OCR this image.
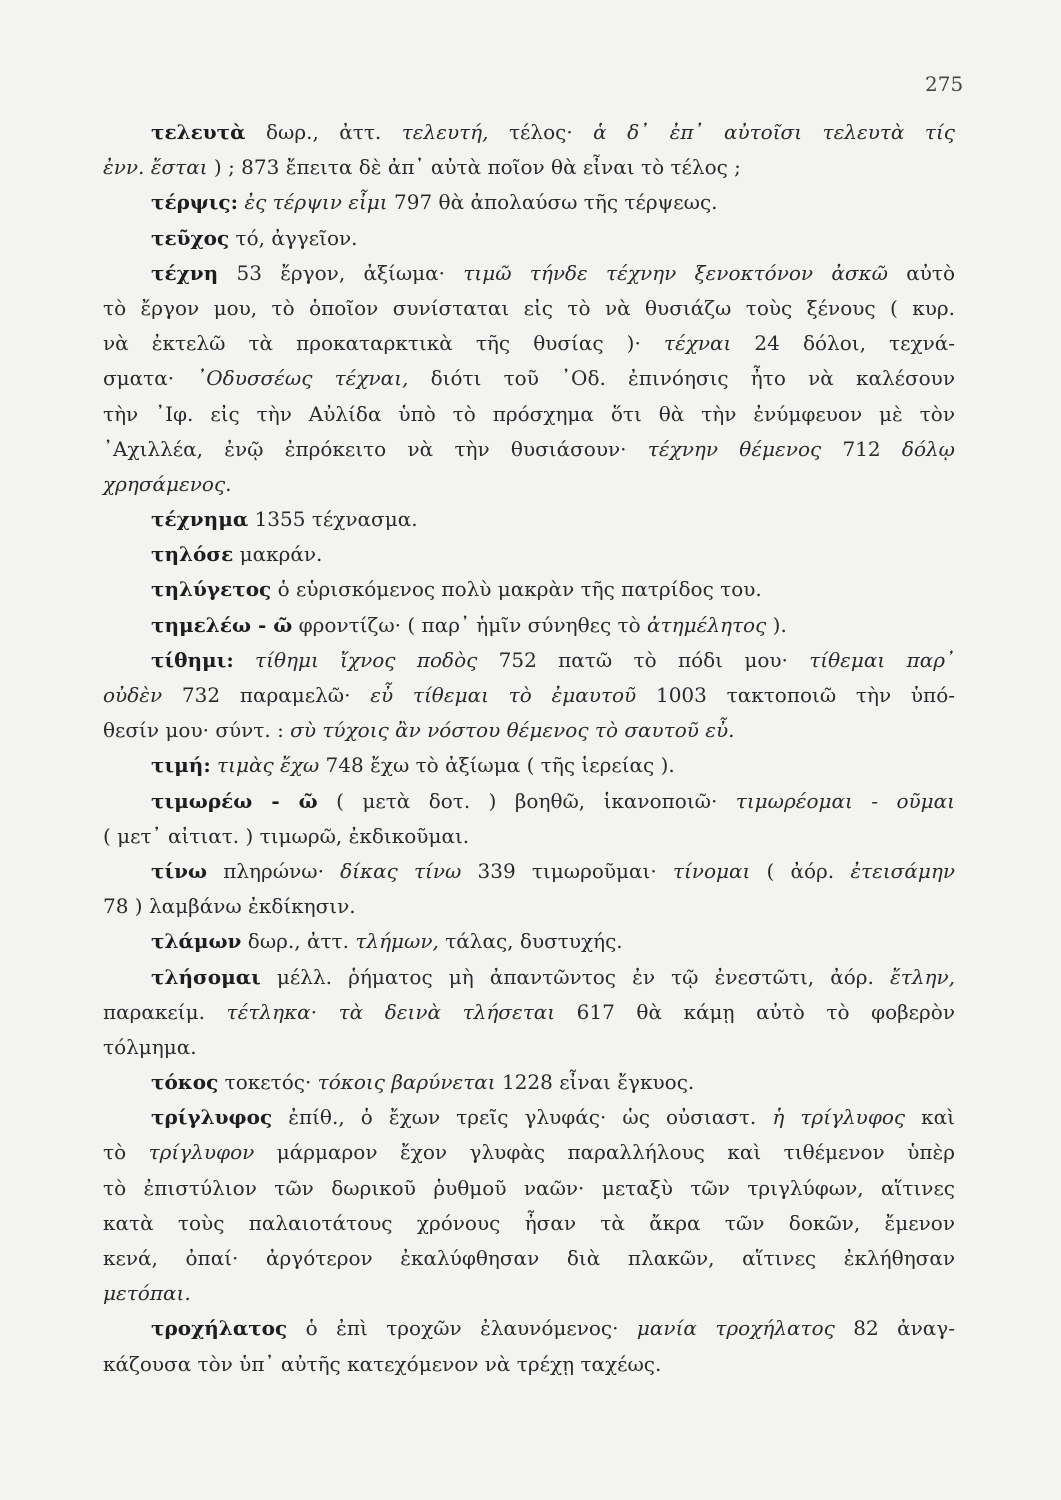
275
τελευτὰ δωρ., ἀττ. τελευτή, τέλος· ἁ δ᾽ ἐπ᾽ αὐτοῖσι τελευτὰ τίς
ἐνν. ἔσται ) ; 873 ἔπειτα δὲ ἀπ᾽ αὐτὰ ποῖον θὰ εἶναι τὸ τέλος ;
τέρψις: ἐς τέρψιν εἶμι 797 θὰ ἀπολαύσω τῆς τέρψεως.
τεῦχος τό, ἀγγεῖον.
τέχνη 53 ἔργον, ἀξίωμα· τιμῶ τήνδε τέχνην ξενοκτόνον ἀσκῶ αὐτὸ
τὸ ἔργον μου, τὸ ὁποῖον συνίσταται εἰς τὸ νὰ θυσιάζω τοὺς ξένους ( κυρ.
νὰ ἐκτελῶ τὰ προκαταρκτικὰ τῆς θυσίας )· τέχναι 24 δόλοι, τεχνά-
σματα· ᾿Οδυσσέως τέχναι, διότι τοῦ ᾿Οδ. ἐπινόησις ἦτο νὰ καλέσουν
τὴν ᾿Ιφ. εἰς τὴν Αὐλίδα ὑπὸ τὸ πρόσχημα ὅτι θὰ τὴν ἐνύμφευον μὲ τὸν
᾿Αχιλλέα, ἐνῷ ἐπρόκειτο νὰ τὴν θυσιάσουν· τέχνην θέμενος 712 δόλῳ
χρησάμενος.
τέχνημα 1355 τέχνασμα.
τηλόσε μακράν.
τηλύγετος ὁ εὑρισκόμενος πολὺ μακρὰν τῆς πατρίδος του.
τημελέω - ῶ φροντίζω· ( παρ᾽ ἡμῖν σύνηθες τὸ ἀτημέλητος ).
τίθημι: τίθημι ἴχνος ποδὸς 752 πατῶ τὸ πόδι μου· τίθεμαι παρ᾽
οὐδὲν 732 παραμελῶ· εὖ τίθεμαι τὸ ἐμαυτοῦ 1003 τακτοποιῶ τὴν ὑπό-
θεσίν μου· σύντ. : σὺ τύχοις ἂν νόστου θέμενος τὸ σαυτοῦ εὖ.
τιμή: τιμὰς ἔχω 748 ἔχω τὸ ἀξίωμα ( τῆς ἱερείας ).
τιμωρέω - ῶ ( μετὰ δοτ. ) βοηθῶ, ἱκανοποιῶ· τιμωρέομαι - οῦμαι
( μετ᾽ αἰτιατ. ) τιμωρῶ, ἐκδικοῦμαι.
τίνω πληρώνω· δίκας τίνω 339 τιμωροῦμαι· τίνομαι ( ἀόρ. ἐτεισάμην
78 ) λαμβάνω ἐκδίκησιν.
τλάμων δωρ., ἀττ. τλήμων, τάλας, δυστυχής.
τλήσομαι μέλλ. ῥήματος μὴ ἀπαντῶντος ἐν τῷ ἐνεστῶτι, ἀόρ. ἔτλην,
παρακείμ. τέτληκα· τὰ δεινὰ τλήσεται 617 θὰ κάμῃ αὐτὸ τὸ φοβερὸν
τόλμημα.
τόκος τοκετός· τόκοις βαρύνεται 1228 εἶναι ἔγκυος.
τρίγλυφος ἐπίθ., ὁ ἔχων τρεῖς γλυφάς· ὡς οὐσιαστ. ἡ τρίγλυφος καὶ
τὸ τρίγλυφον μάρμαρον ἔχον γλυφὰς παραλλήλους καὶ τιθέμενον ὑπὲρ
τὸ ἐπιστύλιον τῶν δωρικοῦ ῥυθμοῦ ναῶν· μεταξὺ τῶν τριγλύφων, αἵτινες
κατὰ τοὺς παλαιοτάτους χρόνους ἦσαν τὰ ἄκρα τῶν δοκῶν, ἔμενον
κενά, ὀπαί· ἀργότερον ἐκαλύφθησαν διὰ πλακῶν, αἵτινες ἐκλήθησαν
μετόπαι.
τροχήλατος ὁ ἐπὶ τροχῶν ἐλαυνόμενος· μανία τροχήλατος 82 ἀναγ-
κάζουσα τὸν ὑπ᾽ αὐτῆς κατεχόμενον νὰ τρέχῃ ταχέως.
